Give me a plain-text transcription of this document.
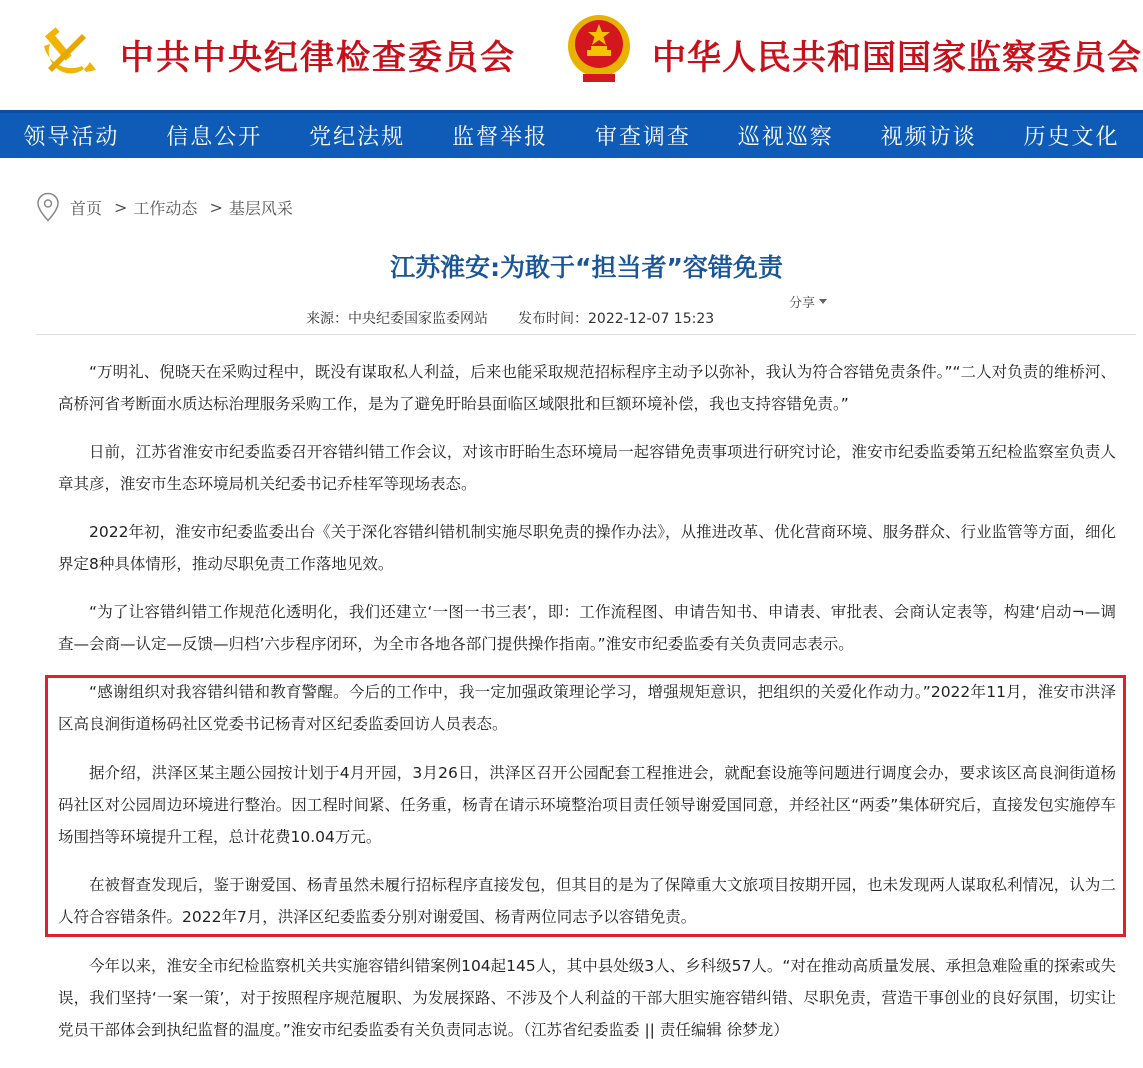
中共中央纪律检查委员会	中华人民共和国国家监察委员会
领导活动	信息公开	党纪法规	监督举报	审查调查	巡视巡察	视频访谈	历史文化
首页 > 工作动态 > 基层风采
江苏淮安:为敢于“担当者”容错免责
分享
来源：中央纪委国家监委网站 发布时间：2022-12-07 15:23

“万明礼、倪晓天在采购过程中，既没有谋取私人利益，后来也能采取规范招标程序主动予以弥补，我认为符合容错免责条件。”“二人对负责的维桥河、高桥河省考断面水质达标治理服务采购工作，是为了避免盱眙县面临区域限批和巨额环境补偿，我也支持容错免责。”

日前，江苏省淮安市纪委监委召开容错纠错工作会议，对该市盱眙生态环境局一起容错免责事项进行研究讨论，淮安市纪委监委第五纪检监察室负责人章其彦，淮安市生态环境局机关纪委书记乔桂军等现场表态。

2022年初，淮安市纪委监委出台《关于深化容错纠错机制实施尽职免责的操作办法》，从推进改革、优化营商环境、服务群众、行业监管等方面，细化界定8种具体情形，推动尽职免责工作落地见效。

“为了让容错纠错工作规范化透明化，我们还建立‘一图一书三表’，即：工作流程图、申请告知书、申请表、审批表、会商认定表等，构建‘启动¬—调查—会商—认定—反馈—归档’六步程序闭环，为全市各地各部门提供操作指南。”淮安市纪委监委有关负责同志表示。

“感谢组织对我容错纠错和教育警醒。今后的工作中，我一定加强政策理论学习，增强规矩意识，把组织的关爱化作动力。”2022年11月，淮安市洪泽区高良涧街道杨码社区党委书记杨青对区纪委监委回访人员表态。

据介绍，洪泽区某主题公园按计划于4月开园，3月26日，洪泽区召开公园配套工程推进会，就配套设施等问题进行调度会办，要求该区高良涧街道杨码社区对公园周边环境进行整治。因工程时间紧、任务重，杨青在请示环境整治项目责任领导谢爱国同意，并经社区“两委”集体研究后，直接发包实施停车场围挡等环境提升工程，总计花费10.04万元。

在被督查发现后，鉴于谢爱国、杨青虽然未履行招标程序直接发包，但其目的是为了保障重大文旅项目按期开园，也未发现两人谋取私利情况，认为二人符合容错条件。2022年7月，洪泽区纪委监委分别对谢爱国、杨青两位同志予以容错免责。

今年以来，淮安全市纪检监察机关共实施容错纠错案例104起145人，其中县处级3人、乡科级57人。“对在推动高质量发展、承担急难险重的探索或失误，我们坚持‘一案一策’，对于按照程序规范履职、为发展探路、不涉及个人利益的干部大胆实施容错纠错、尽职免责，营造干事创业的良好氛围，切实让党员干部体会到执纪监督的温度。”淮安市纪委监委有关负责同志说。（江苏省纪委监委 || 责任编辑 徐梦龙）
